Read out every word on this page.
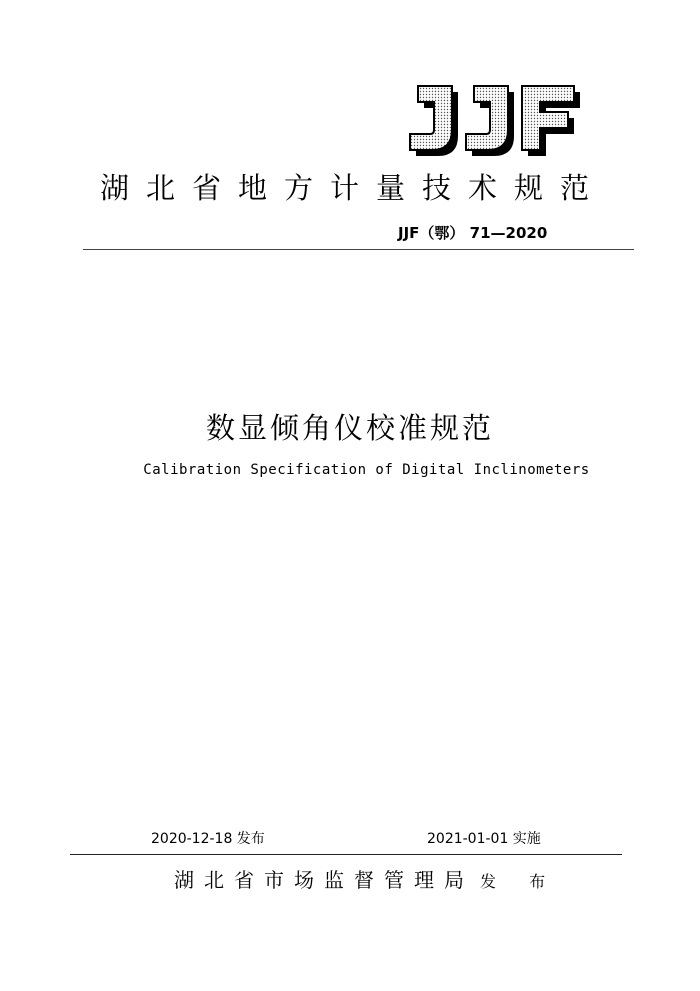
湖北省地方计量技术规范
JJF（鄂） 71—2020
数显倾角仪校准规范
Calibration Specification of Digital Inclinometers
2020-12-18 发布	2021-01-01 实施
湖北省市场监督管理局 发 布
